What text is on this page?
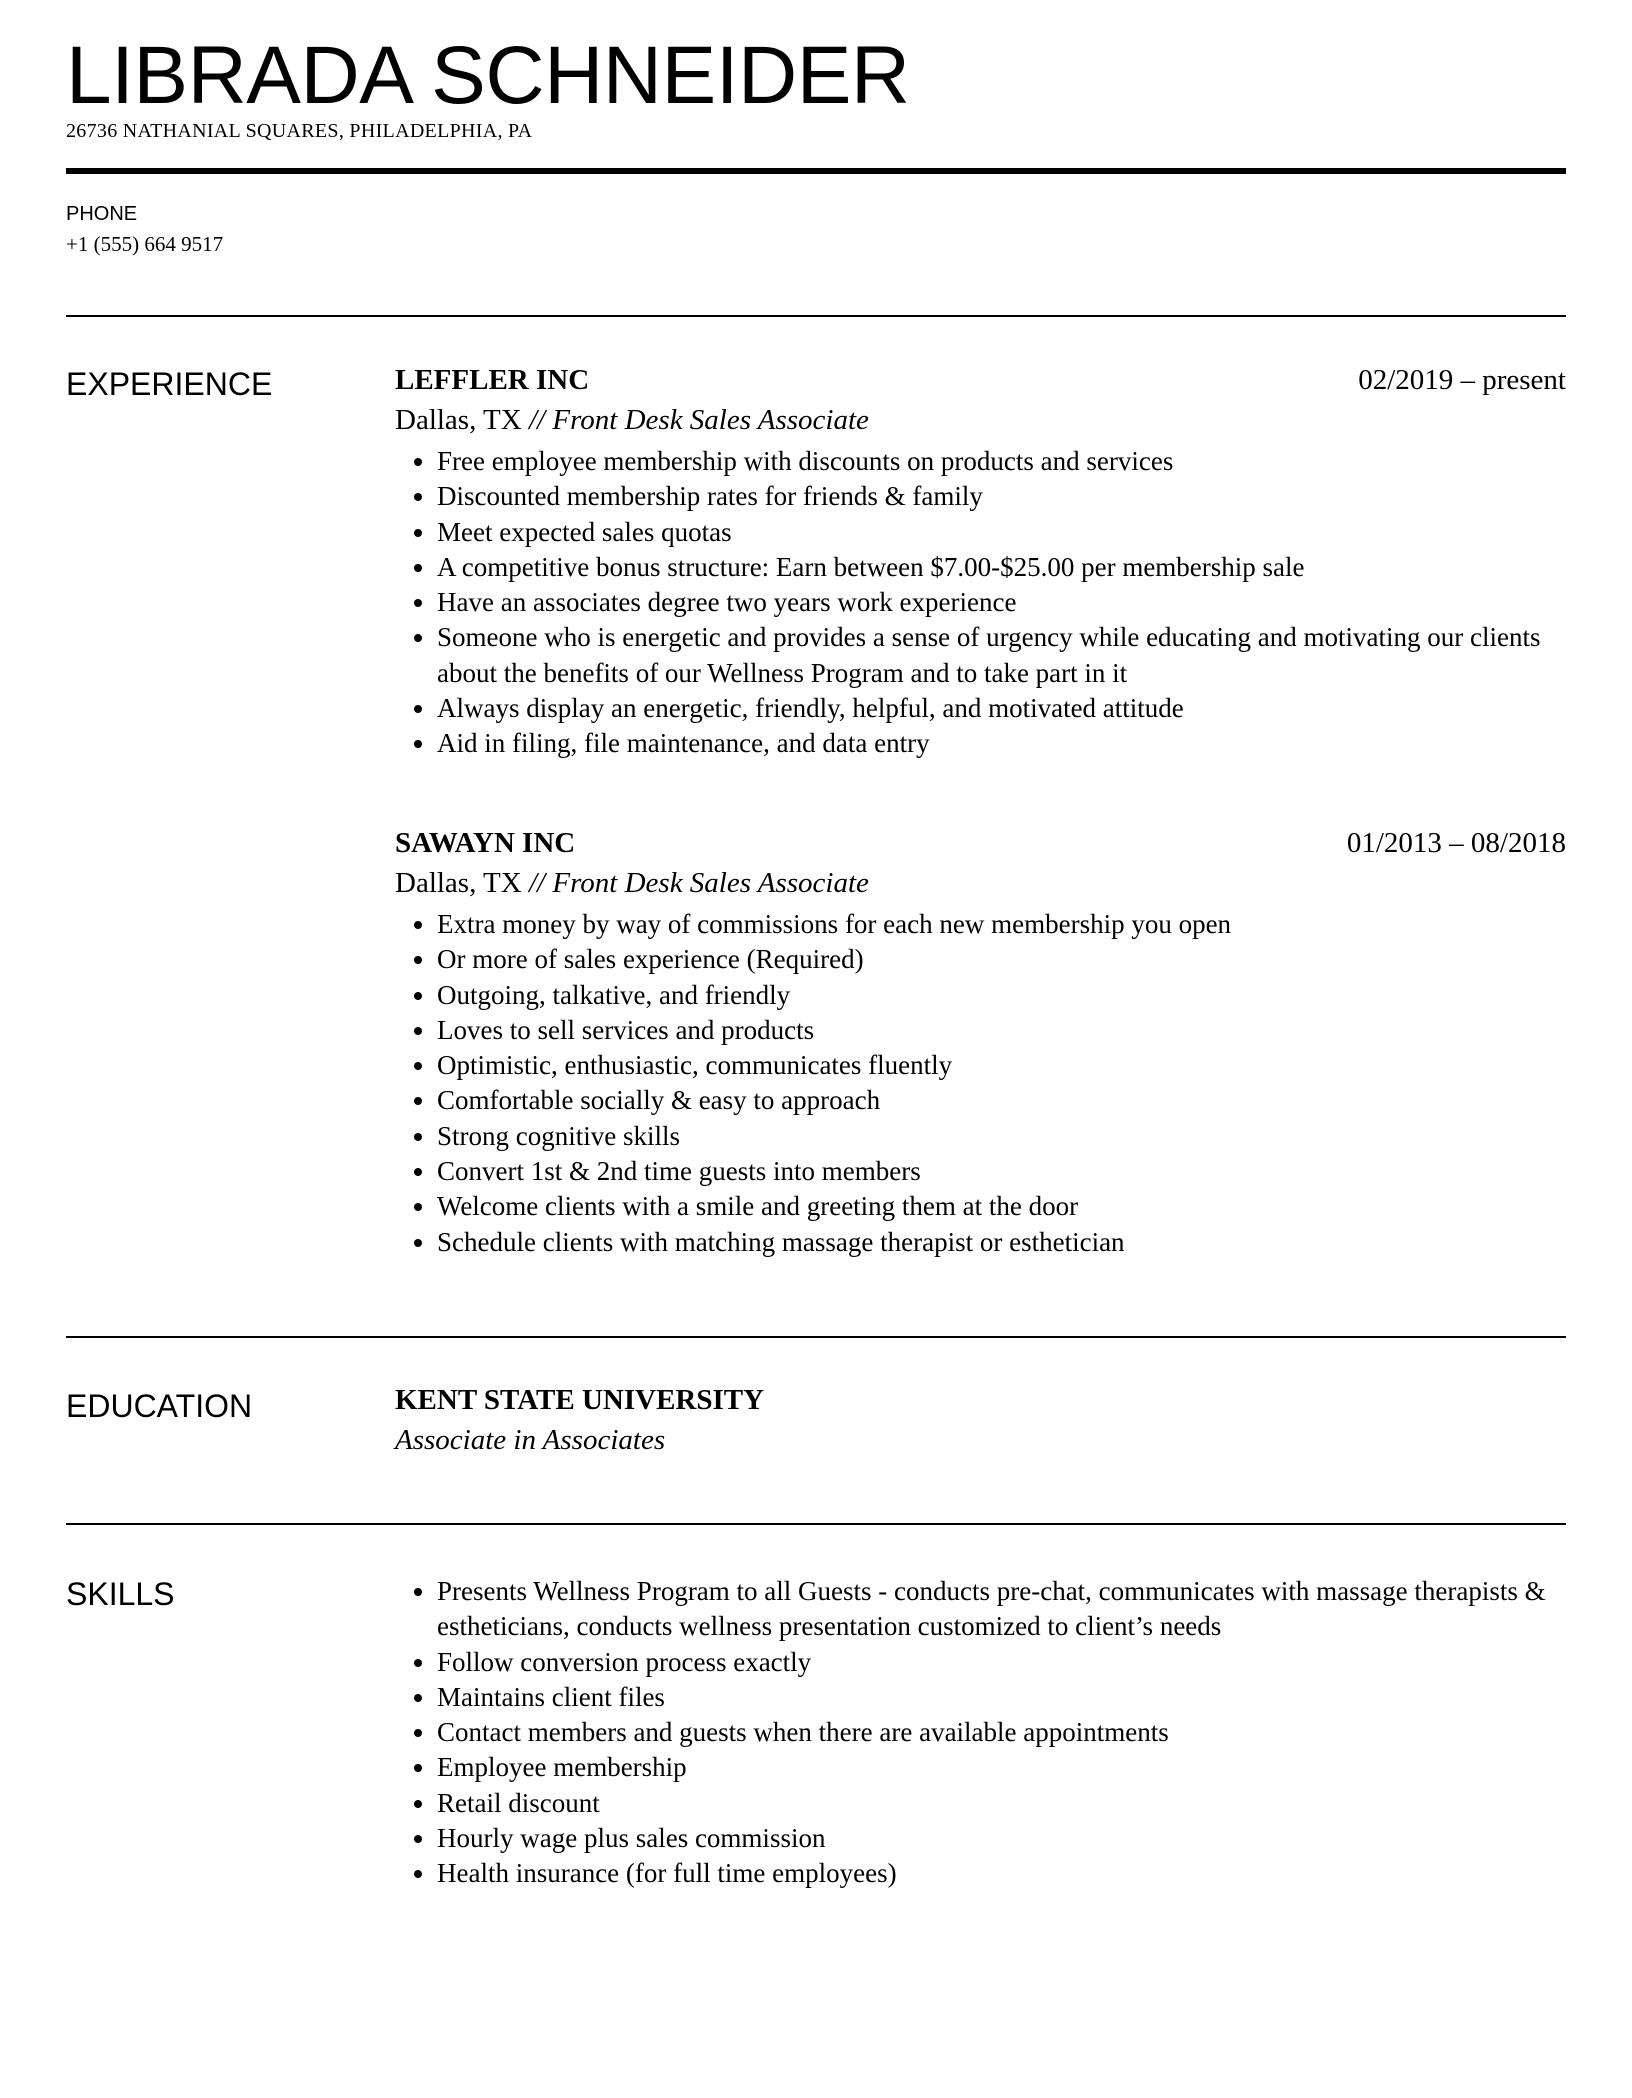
LIBRADA SCHNEIDER
26736 NATHANIAL SQUARES, PHILADELPHIA, PA
PHONE
+1 (555) 664 9517
EXPERIENCE	LEFFLER INC	02/2019 – present
Dallas, TX // Front Desk Sales Associate
• Free employee membership with discounts on products and services
• Discounted membership rates for friends & family
• Meet expected sales quotas
• A competitive bonus structure: Earn between $7.00-$25.00 per membership sale
• Have an associates degree two years work experience
• Someone who is energetic and provides a sense of urgency while educating and motivating our clients about the benefits of our Wellness Program and to take part in it
• Always display an energetic, friendly, helpful, and motivated attitude
• Aid in filing, file maintenance, and data entry
SAWAYN INC	01/2013 – 08/2018
Dallas, TX // Front Desk Sales Associate
• Extra money by way of commissions for each new membership you open
• Or more of sales experience (Required)
• Outgoing, talkative, and friendly
• Loves to sell services and products
• Optimistic, enthusiastic, communicates fluently
• Comfortable socially & easy to approach
• Strong cognitive skills
• Convert 1st & 2nd time guests into members
• Welcome clients with a smile and greeting them at the door
• Schedule clients with matching massage therapist or esthetician
EDUCATION	KENT STATE UNIVERSITY
Associate in Associates
SKILLS
•	Presents Wellness Program to all Guests - conducts pre-chat, communicates with massage therapists & estheticians, conducts wellness presentation customized to client’s needs
• Follow conversion process exactly
• Maintains client files
• Contact members and guests when there are available appointments
• Employee membership
• Retail discount
• Hourly wage plus sales commission
• Health insurance (for full time employees)
